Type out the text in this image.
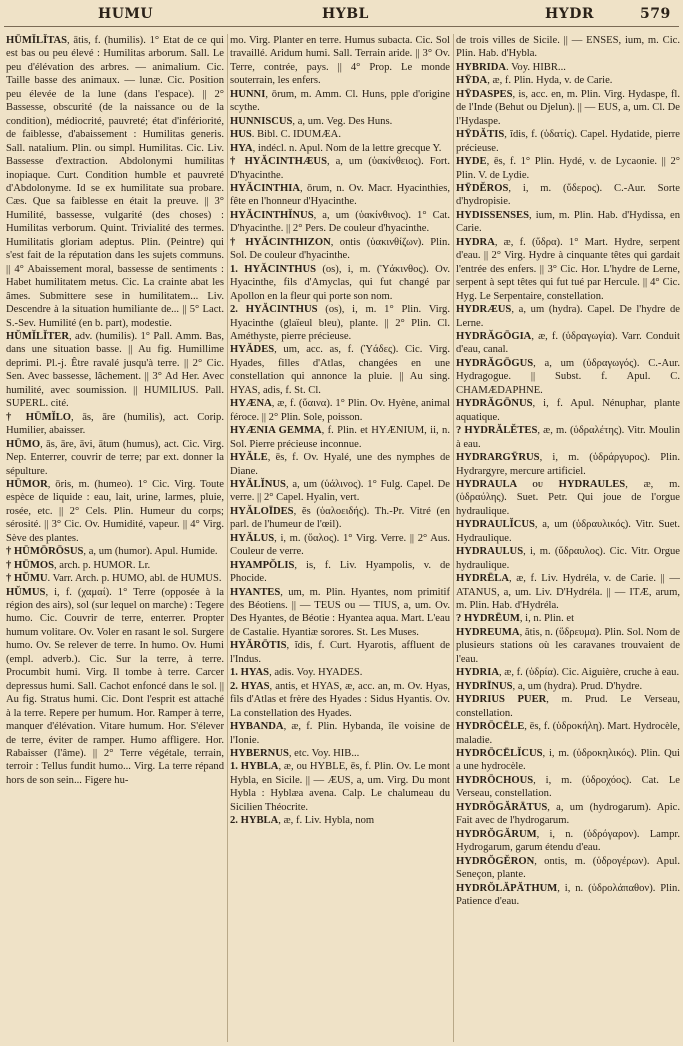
HUMU	HYBL	HYDR	579

HŪMĬLĬTAS, ātis, f. (humilis). 1° Etat de ce qui est bas ou peu élevé : Humilitas arborum. Sall. Le peu d'élévation des arbres. — animalium. Cic. Taille basse des animaux. — lunæ. Cic. Position peu élevée de la lune (dans l'espace). || 2° Bassesse, obscurité (de la naissance ou de la condition), médiocrité, pauvreté; état d'infériorité, de faiblesse, d'abaissement : Humilitas generis. Sall. natalium. Plin. ou simpl. Humilitas. Cic. Liv. Bassesse d'extraction. Abdolonymi humilitas inopiaque. Curt. Condition humble et pauvreté d'Abdolonyme. Id se ex humilitate sua probare. Cæs. Que sa faiblesse en était la preuve. || 3° Humilité, bassesse, vulgarité (des choses) : Humilitas verborum. Quint. Trivialité des termes. Humilitatis gloriam adeptus. Plin. (Peintre) qui s'est fait de la réputation dans les sujets communs. || 4° Abaissement moral, bassesse de sentiments : Habet humilitatem metus. Cic. La crainte abat les âmes. Submittere sese in humilitatem... Liv. Descendre à la situation humiliante de... || 5° Lact. S.-Sev. Humilité (en b. part), modestie.

HŬMĬLĬTER, adv. (humilis). 1° Pall. Amm. Bas, dans une situation basse. || Au fig. Humillime deprimi. Pl.-j. Être ravalé jusqu'à terre. || 2° Cic. Sen. Avec bassesse, lâchement. || 3° Ad Her. Avec humilité, avec soumission. || HUMILIUS. Pall. SUPERL. cité.

† HŪMĬLO, ās, āre (humilis), act. Corip. Humilier, abaisser.

HŪMO, ās, āre, āvi, ātum (humus), act. Cic. Virg. Nep. Enterrer, couvrir de terre; par ext. donner la sépulture.

HŪMOR, ōris, m. (humeo). 1° Cic. Virg. Toute espèce de liquide : eau, lait, urine, larmes, pluie, rosée, etc. || 2° Cels. Plin. Humeur du corps; sérosité. || 3° Cic. Ov. Humidité, vapeur. || 4° Virg. Sève des plantes.

† HŪMŌRŌSUS, a, um (humor). Apul. Humide.

† HŪMOS, arch. p. HUMOR. Lr.

† HŬMU. Varr. Arch. p. HUMO, abl. de HUMUS.

HŬMUS, i, f. (χαμαί). 1° Terre (opposée à la région des airs), sol (sur lequel on marche) : Tegere humo. Cic. Couvrir de terre, enterrer. Propter humum volitare. Ov. Voler en rasant le sol. Surgere humo. Ov. Se relever de terre. In humo. Ov. Humi (empl. adverb.). Cic. Sur la terre, à terre. Procumbit humi. Virg. Il tombe à terre. Carcer depressus humi. Sall. Cachot enfoncé dans le sol. || Au fig. Stratus humi. Cic. Dont l'esprit est attaché à la terre. Repere per humum. Hor. Ramper à terre, manquer d'élévation. Vitare humum. Hor. S'élever de terre, éviter de ramper. Humo affligere. Hor. Rabaisser (l'âme). || 2° Terre végétale, terrain, terroir : Tellus fundit humo... Virg. La terre répand hors de son sein... Figere hu-

mo. Virg. Planter en terre. Humus subacta. Cic. Sol travaillé. Aridum humi. Sall. Terrain aride. || 3° Ov. Terre, contrée, pays. || 4° Prop. Le monde souterrain, les enfers.

HUNNI, ōrum, m. Amm. Cl. Huns, pple d'origine scythe.

HUNNISCUS, a, um. Veg. Des Huns.

HUS. Bibl. C. IDUMÆA.

HYA, indécl. n. Apul. Nom de la lettre grecque Y.

† HYĂCINTHÆUS, a, um (ὑακίνθειος). Fort. D'hyacinthe.

HYĂCINTHIA, ōrum, n. Ov. Macr. Hyacinthies, fête en l'honneur d'Hyacinthe.

HYĂCINTHĬNUS, a, um (ὑακίνθινος). 1° Cat. D'hyacinthe. || 2° Pers. De couleur d'hyacinthe.

† HYĂCINTHIZON, ontis (ὑακινθίζων). Plin. Sol. De couleur d'hyacinthe.

1. HYĂCINTHUS (os), i, m. (Ὑάκινθος). Ov. Hyacinthe, fils d'Amyclas, qui fut changé par Apollon en la fleur qui porte son nom.

2. HYĂCINTHUS (os), i, m. 1° Plin. Virg. Hyacinthe (glaïeul bleu), plante. || 2° Plin. Cl. Améthyste, pierre précieuse.

HYĂDES, um, acc. as, f. (Ὑάδες). Cic. Virg. Hyades, filles d'Atlas, changées en une constellation qui annonce la pluie. || Au sing. HYAS, adis, f. St. Cl.

HYÆNA, æ, f. (ὕαινα). 1° Plin. Ov. Hyène, animal féroce. || 2° Plin. Sole, poisson.

HYÆNIA GEMMA, f. Plin. et HYÆNIUM, ii, n. Sol. Pierre précieuse inconnue.

HYĂLE, ēs, f. Ov. Hyalé, une des nymphes de Diane.

HYĂLĬNUS, a, um (ὑάλινος). 1° Fulg. Capel. De verre. || 2° Capel. Hyalin, vert.

HYĂLOĪDES, ĕs (ὑαλοειδής). Th.-Pr. Vitré (en parl. de l'humeur de l'œil).

HYĂLUS, i, m. (ὕαλος). 1° Virg. Verre. || 2° Aus. Couleur de verre.

HYAMPŎLIS, is, f. Liv. Hyampolis, v. de Phocide.

HYANTES, um, m. Plin. Hyantes, nom primitif des Béotiens. || — TEUS ou — TIUS, a, um. Ov. Des Hyantes, de Béotie : Hyantea aqua. Mart. L'eau de Castalie. Hyantiæ sorores. St. Les Muses.

HYĂRŌTIS, ĭdis, f. Curt. Hyarotis, affluent de l'Indus.

1. HYAS, adis. Voy. HYADES.

2. HYAS, antis, et HYAS, æ, acc. an, m. Ov. Hyas, fils d'Atlas et frère des Hyades : Sidus Hyantis. Ov. La constellation des Hyades.

HYBANDA, æ, f. Plin. Hybanda, île voisine de l'Ionie.

HYBERNUS, etc. Voy. HIB...

1. HYBLA, æ, ou HYBLE, ēs, f. Plin. Ov. Le mont Hybla, en Sicile. || — ÆUS, a, um. Virg. Du mont Hybla : Hyblæa avena. Calp. Le chalumeau du Sicilien Théocrite.

2. HYBLA, æ, f. Liv. Hybla, nom

de trois villes de Sicile. || — ENSES, ium, m. Cic. Plin. Hab. d'Hybla.

HYBRIDA. Voy. HIBR...

HȲDA, æ, f. Plin. Hyda, v. de Carie.

HȲDASPES, is, acc. en, m. Plin. Virg. Hydaspe, fl. de l'Inde (Behut ou Djelun). || — EUS, a, um. Cl. De l'Hydaspe.

HȲDĂTIS, ĭdis, f. (ὑδατίς). Capel. Hydatide, pierre précieuse.

HYDE, ēs, f. 1° Plin. Hydé, v. de Lycaonie. || 2° Plin. V. de Lydie.

HȲDĔROS, i, m. (ὕδερος). C.-Aur. Sorte d'hydropisie.

HYDISSENSES, ium, m. Plin. Hab. d'Hydissa, en Carie.

HYDRA, æ, f. (ὕδρα). 1° Mart. Hydre, serpent d'eau. || 2° Virg. Hydre à cinquante têtes qui gardait l'entrée des enfers. || 3° Cic. Hor. L'hydre de Lerne, serpent à sept têtes qui fut tué par Hercule. || 4° Cic. Hyg. Le Serpentaire, constellation.

HYDRÆUS, a, um (hydra). Capel. De l'hydre de Lerne.

HYDRĂGŌGIA, æ, f. (ὑδραγωγία). Varr. Conduit d'eau, canal.

HYDRĂGŌGUS, a, um (ὑδραγωγός). C.-Aur. Hydragogue. || Subst. f. Apul. C. CHAMÆDAPHNE.

HYDRĂGŌNUS, i, f. Apul. Nénuphar, plante aquatique.

? HYDRĂLĔTES, æ, m. (ὑδραλέτης). Vitr. Moulin à eau.

HYDRARGȲRUS, i, m. (ὑδράργυρος). Plin. Hydrargyre, mercure artificiel.

HYDRAULA ou HYDRAULES, æ, m. (ὑδραύλης). Suet. Petr. Qui joue de l'orgue hydraulique.

HYDRAULĬCUS, a, um (ὑδραυλικός). Vitr. Suet. Hydraulique.

HYDRAULUS, i, m. (ὕδραυλος). Cic. Vitr. Orgue hydraulique.

HYDRĒLA, æ, f. Liv. Hydréla, v. de Carie. || — ATANUS, a, um. Liv. D'Hydréla. || — ITÆ, arum, m. Plin. Hab. d'Hydréla.

? HYDRĒUM, i, n. Plin. et

HYDREUMA, ătis, n. (ὕδρευμα). Plin. Sol. Nom de plusieurs stations où les caravanes trouvaient de l'eau.

HYDRIA, æ, f. (ὑδρία). Cic. Aiguière, cruche à eau.

HYDRĪNUS, a, um (hydra). Prud. D'hydre.

HYDRIUS PUER, m. Prud. Le Verseau, constellation.

HYDRŌCĒLE, ēs, f. (ὑδροκήλη). Mart. Hydrocèle, maladie.

HYDRŌCĒLĬCUS, i, m. (ὑδροκηλικός). Plin. Qui a une hydrocèle.

HYDRŌCHOUS, i, m. (ὑδροχόος). Cat. Le Verseau, constellation.

HYDRŎGĂRĀTUS, a, um (hydrogarum). Apic. Fait avec de l'hydrogarum.

HYDRŎGĂRUM, i, n. (ὑδρόγαρον). Lampr. Hydrogarum, garum étendu d'eau.

HYDRŎGĔRON, ontis, m. (ὑδρογέρων). Apul. Seneçon, plante.

HYDRŎLĂPĂTHUM, i, n. (ὑδρολάπαθον). Plin. Patience d'eau.
